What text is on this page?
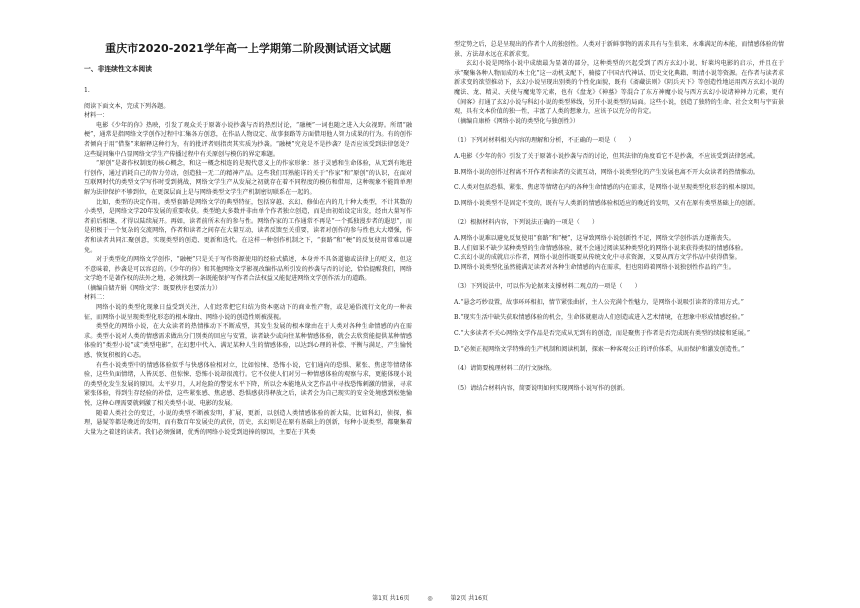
重庆市2020-2021学年高一上学期第二阶段测试语文试题
一、非连续性文本阅读

1.

阅读下面文本，完成下列各题。

材料一：

电影《少年的你》热映，引发了观众关于原著小说抄袭与否的热烈讨论，“融梗”一词也随之进入大众视野。所谓“融梗”，通常是指网络文学创作过程中汇集各方创意，在作品人物设定、故事套路等方面借用他人智力成果的行为。有的创作者倾向于用“借鉴”来解释这种行为，有的批评者则指责其实质为抄袭。“融梗”究竟是不是抄袭？是否应该受到法律惩处？这些疑问集中凸显网络文学生产传播过程中有关原创与模仿的界定难题。

“原创”是著作权制度的核心概念，和这一概念相连的是现代意义上的作家形象：基于灵感和生命体验，从无到有地进行创作，通过消耗自己的智力劳动，创造独一无二的精神产品。这些我们耳熟能详的关于“作家”和“原创”的认识，在面对互联网时代的类型文学写作时受到挑战，网络文学生产从发展之初就存在着不同程度的模仿和借用，这种现象不能简单理解为法律保护不够到位，在更深层面上是与网络类型文学生产机制密切联系在一起的。

比如，类型的决定作用。类型套路是网络文学的典型特征，包括穿越、玄幻、修仙在内的几十种大类型，不计其数的小类型，是网络文学20年发展的重要收获。类型绝大多数并非由单个作者独立创造，而是由初始设定出发，经由大量写作者前后相继、才得以陆续展开。再如，读者前所未有的参与性。网络作家的工作通常不再是“一个孤独漫步者的遐思”，而是积极于一个复杂的交流网络，作者和读者之间存在大量互动，读者反馈至关重要，读者对创作的参与性也大大增强，作者和读者共同汇聚创意，实现类型的创造、更新和迭代。在这样一种创作机制之下，“套路”和“梗”的反复使用常难以避免。

对于类型化的网络文学创作，“融梗”只是关于写作资源使用的经验式描述，本身并不具备道德或法律上的贬义，但这不意味着，抄袭是可以容忍的。《少年的你》和其他网络文学影视改编作品所引发的抄袭与否的讨论，恰恰提醒我们，网络文学绝不是著作权的法外之地，必须找到一条既能保护写作者合法权益又能促进网络文学创作活力的道路。

（摘编自储卉娟《网络文学：既要秩序也要活力》）

材料二：

网络小说的类型化现象日益受到关注，人们经常把它归结为资本驱动下的商业性产物，或是通俗流行文化的一种表征，而网络小说呈现类型化形态的根本缘由、网络小说的创造性则被漠视。

类型化的网络小说，在大众读者的热情推动下不断成型，其发生发展的根本缘由在于人类对各种生命情感的内在需求。类型小说对人类的情感需求做出分门别类的回应与安置，读者缺少或向往某种情感体验，就会去欣赏能提供某种情感体验的“类型小说”或“类型电影”，在幻想中代入、满足某种人生的情感体验，以达到心理的补偿、平衡与满足，产生愉悦感、恢复积极的心态。

有些小说类型中的情感体验似乎与快感体验相对立，比如惊悚、恐怖小说，它们通向的恐惧、紧张、焦虑等情绪体验，这些负面情绪，人皆厌恶、但惊悚、恐怖小说却很流行。它不仅使人们对另一种情感体验的观察与求，更能体现小说的类型化发生发展的原因。太平岁月，人对危险的警觉水平下降，所以会本能地从文艺作品中寻找恐怖刺激的情景，寻求紧张体验，得到生存经验的补偿，这些紧张感、焦虑感、恐惧感获得释放之后，读者会为自己现实的安全处境感到松弛愉悦，这种心理需要就刺激了相关类型小说、电影的发展。

随着人类社会的变迁，小说的类型不断被发明，扩展，更新，以创造人类情感体验的新大陆，比如科幻，侦探，推理，悬疑等都是晚近的发明，而有数百年发展史的武侠，历史，玄幻则是在原有基础上的创新，每种小说类型，都聚集着大量为之着迷的读者。我们必须强调，优秀的网络小说受到追捧的原因，主要在于其类

型定势之后，总是呈现出的作者个人的独创性。人类对于新鲜事物的需求具有与生俱来、永难满足的本能，而情感体验的情景、方法却永远在求新求变。

玄幻小说是网络小说中成绩最为显著的部分，这种类型的兴起受到了西方玄幻小说、好莱坞电影的启示，并且在于承“聚集各种人物而成的本土化”这一动机支配下，骑接了中国古代神话、历史文化典籍、明清小说等资源。在作者与读者求新求变的欲望推动下，玄幻小说呈现出别类的个性化面貌，既有《斋藏法则》《阴兵天下》等创造性地运用西方玄幻小说的魔法、龙、精灵、天使与魔鬼等元素，也有《盘龙》《神墓》等混合了东方神魔小说与西方玄幻小说诸神神力元素，更有《间客》打通了玄幻小说与科幻小说的类型界线，另开小说类型的局面。这些小说，创造了独特的生命、社会文明与宇宙景观，具有文本价值的独一性，丰富了人类的想象力，应该予以充分的肯定。

（摘编自康桥《网络小说的类型化与独创性》）

（1）下列对材料相关内容的理解和分析，不正确的一项是（　　）

A.电影《少年的你》引发了关于原著小说抄袭与否的讨论，但其法律的角度看它不是抄袭，不应该受到法律惩戒。

B.网络小说的创作过程离不开作者和读者的交流互动，网络小说类型化的产生发展也离不开大众读者的热情推动。

C.人类对包括恐惧、紧张、焦虑等情绪在内的各种生命情感的内在需求，是网络小说呈现类型化形态的根本原因。

D.网络小说类型不是固定不变的，既有与人类新的情感体验相适应的晚近的发明，又有在原有类型基础上的创新。

（2）根据材料内容，下列说法正确的一项是（　　）

A.网络小说难以避免反复使用“套路”和“梗”，这导致网络小说创新性不足，网络文学创作活力逐渐丧失。

B.人们如果不缺少某种类型的生命情感体验，就不会通过阅读某种类型化的网络小说来获得类似的情感体验。

C.玄幻小说的成就启示作者，网络小说创作既要从传统文化中寻求资源，又要从西方文学作品中获得借鉴。

D.网络小说类型化虽然能满足读者对各种生命情感的内在需求，但也阻碍着网络小说独创性作品的产生。

（3）下列说法中，可以作为论据来支撑材料二观点的一项是（　　）

A.“悬念巧妙设置，故事环环相扣，情节紧张曲折，主人公充满个性魅力，是网络小说吸引读者的常用方式。”

B.“现实生活中缺失获取情感体验的机会，生命体就驱动人们创造或进入艺术情境，在想象中形成情感经验。”

C.“大多读者不关心网络文学作品是否完成从无到有的创造，而是聚焦于作者是否完成既有类型的续接和延展。”

D.“必须正视网络文学特殊的生产机制和阅读机制，探索一种客观公正的评价体系，从而保护和激发创造性。”

（4）请简要梳理材料二的行文脉络。

（5）请结合材料内容，简要说明如何实现网络小说写作的创新。

第1页 共16页	◎	第2页 共16页
